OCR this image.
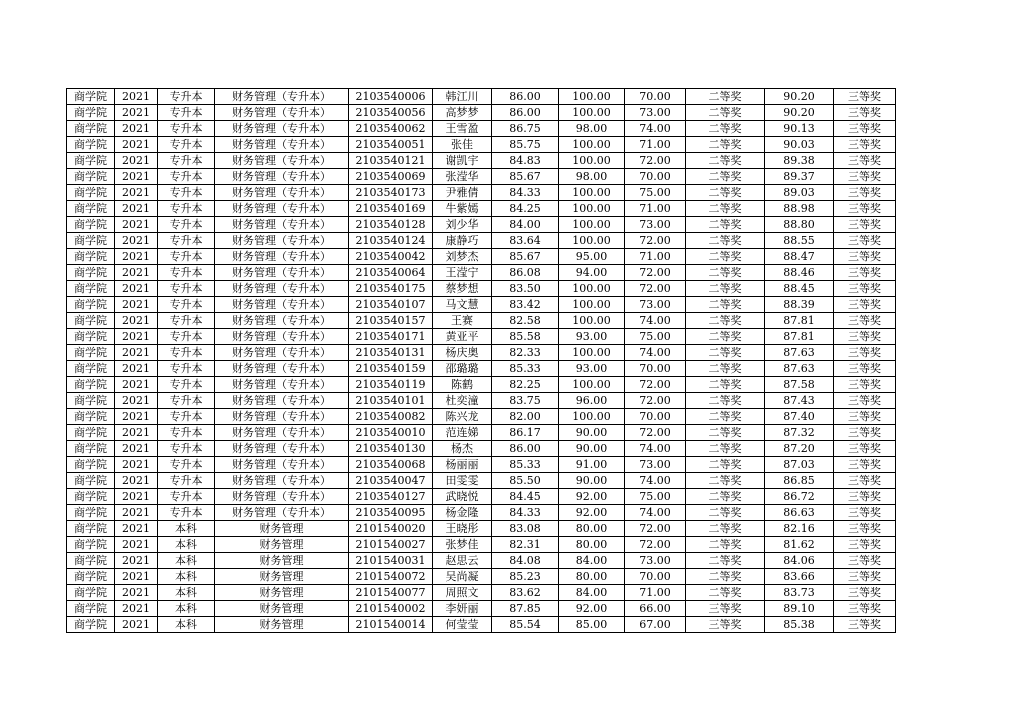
商学院	2021	专升本	财务管理（专升本）	2103540006	韩江川	86.00	100.00	70.00	二等奖	90.20	三等奖
商学院	2021	专升本	财务管理（专升本）	2103540056	高梦梦	86.00	100.00	73.00	二等奖	90.20	三等奖
商学院	2021	专升本	财务管理（专升本）	2103540062	王雪盈	86.75	98.00	74.00	二等奖	90.13	三等奖
商学院	2021	专升本	财务管理（专升本）	2103540051	张佳	85.75	100.00	71.00	二等奖	90.03	三等奖
商学院	2021	专升本	财务管理（专升本）	2103540121	谢凯宇	84.83	100.00	72.00	二等奖	89.38	三等奖
商学院	2021	专升本	财务管理（专升本）	2103540069	张滢华	85.67	98.00	70.00	二等奖	89.37	三等奖
商学院	2021	专升本	财务管理（专升本）	2103540173	尹雅倩	84.33	100.00	75.00	二等奖	89.03	三等奖
商学院	2021	专升本	财务管理（专升本）	2103540169	牛紫嫣	84.25	100.00	71.00	二等奖	88.98	三等奖
商学院	2021	专升本	财务管理（专升本）	2103540128	刘少华	84.00	100.00	73.00	二等奖	88.80	三等奖
商学院	2021	专升本	财务管理（专升本）	2103540124	康静巧	83.64	100.00	72.00	二等奖	88.55	三等奖
商学院	2021	专升本	财务管理（专升本）	2103540042	刘梦杰	85.67	95.00	71.00	二等奖	88.47	三等奖
商学院	2021	专升本	财务管理（专升本）	2103540064	王滢宁	86.08	94.00	72.00	二等奖	88.46	三等奖
商学院	2021	专升本	财务管理（专升本）	2103540175	蔡梦想	83.50	100.00	72.00	二等奖	88.45	三等奖
商学院	2021	专升本	财务管理（专升本）	2103540107	马文慧	83.42	100.00	73.00	二等奖	88.39	三等奖
商学院	2021	专升本	财务管理（专升本）	2103540157	王赛	82.58	100.00	74.00	二等奖	87.81	三等奖
商学院	2021	专升本	财务管理（专升本）	2103540171	黄亚平	85.58	93.00	75.00	二等奖	87.81	三等奖
商学院	2021	专升本	财务管理（专升本）	2103540131	杨庆奥	82.33	100.00	74.00	二等奖	87.63	三等奖
商学院	2021	专升本	财务管理（专升本）	2103540159	邵璐璐	85.33	93.00	70.00	二等奖	87.63	三等奖
商学院	2021	专升本	财务管理（专升本）	2103540119	陈鹤	82.25	100.00	72.00	二等奖	87.58	三等奖
商学院	2021	专升本	财务管理（专升本）	2103540101	杜奕潼	83.75	96.00	72.00	二等奖	87.43	三等奖
商学院	2021	专升本	财务管理（专升本）	2103540082	陈兴龙	82.00	100.00	70.00	二等奖	87.40	三等奖
商学院	2021	专升本	财务管理（专升本）	2103540010	范连娣	86.17	90.00	72.00	二等奖	87.32	三等奖
商学院	2021	专升本	财务管理（专升本）	2103540130	杨杰	86.00	90.00	74.00	二等奖	87.20	三等奖
商学院	2021	专升本	财务管理（专升本）	2103540068	杨丽丽	85.33	91.00	73.00	二等奖	87.03	三等奖
商学院	2021	专升本	财务管理（专升本）	2103540047	田雯雯	85.50	90.00	74.00	二等奖	86.85	三等奖
商学院	2021	专升本	财务管理（专升本）	2103540127	武晓悦	84.45	92.00	75.00	二等奖	86.72	三等奖
商学院	2021	专升本	财务管理（专升本）	2103540095	杨金隆	84.33	92.00	74.00	二等奖	86.63	三等奖
商学院	2021	本科	财务管理	2101540020	王晓彤	83.08	80.00	72.00	二等奖	82.16	三等奖
商学院	2021	本科	财务管理	2101540027	张梦佳	82.31	80.00	72.00	二等奖	81.62	三等奖
商学院	2021	本科	财务管理	2101540031	赵思云	84.08	84.00	73.00	二等奖	84.06	三等奖
商学院	2021	本科	财务管理	2101540072	吴尚凝	85.23	80.00	70.00	二等奖	83.66	三等奖
商学院	2021	本科	财务管理	2101540077	周照文	83.62	84.00	71.00	二等奖	83.73	三等奖
商学院	2021	本科	财务管理	2101540002	李妍丽	87.85	92.00	66.00	三等奖	89.10	三等奖
商学院	2021	本科	财务管理	2101540014	何莹莹	85.54	85.00	67.00	三等奖	85.38	三等奖
